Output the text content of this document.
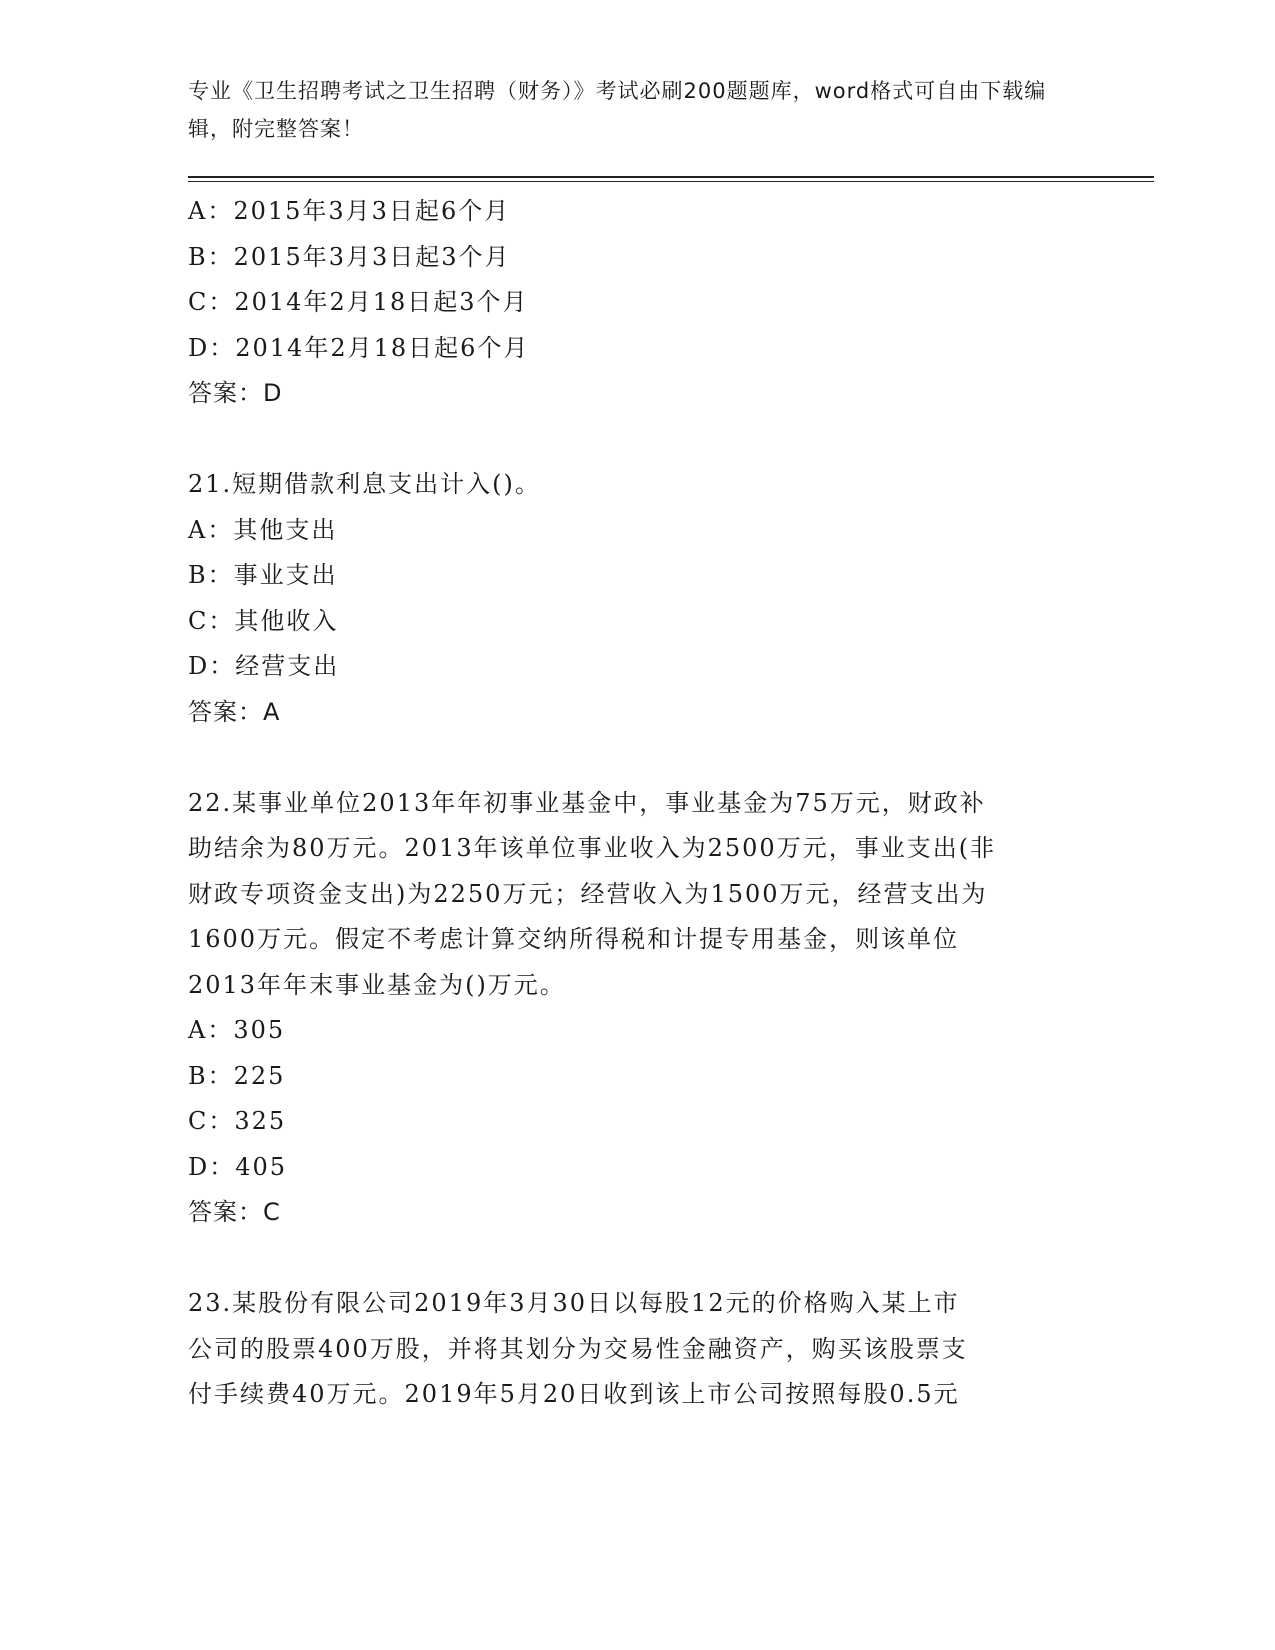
专业《卫生招聘考试之卫生招聘（财务）》考试必刷200题题库，word格式可自由下载编辑，附完整答案！

A：2015年3月3日起6个月

B：2015年3月3日起3个月

C：2014年2月18日起3个月

D：2014年2月18日起6个月

答案：D

21.短期借款利息支出计入()。

A：其他支出

B：事业支出

C：其他收入

D：经营支出

答案：A

22.某事业单位2013年年初事业基金中，事业基金为75万元，财政补

助结余为80万元。2013年该单位事业收入为2500万元，事业支出(非

财政专项资金支出)为2250万元；经营收入为1500万元，经营支出为

1600万元。假定不考虑计算交纳所得税和计提专用基金，则该单位

2013年年末事业基金为()万元。

A：305

B：225

C：325

D：405

答案：C

23.某股份有限公司2019年3月30日以每股12元的价格购入某上市

公司的股票400万股，并将其划分为交易性金融资产，购买该股票支

付手续费40万元。2019年5月20日收到该上市公司按照每股0.5元
